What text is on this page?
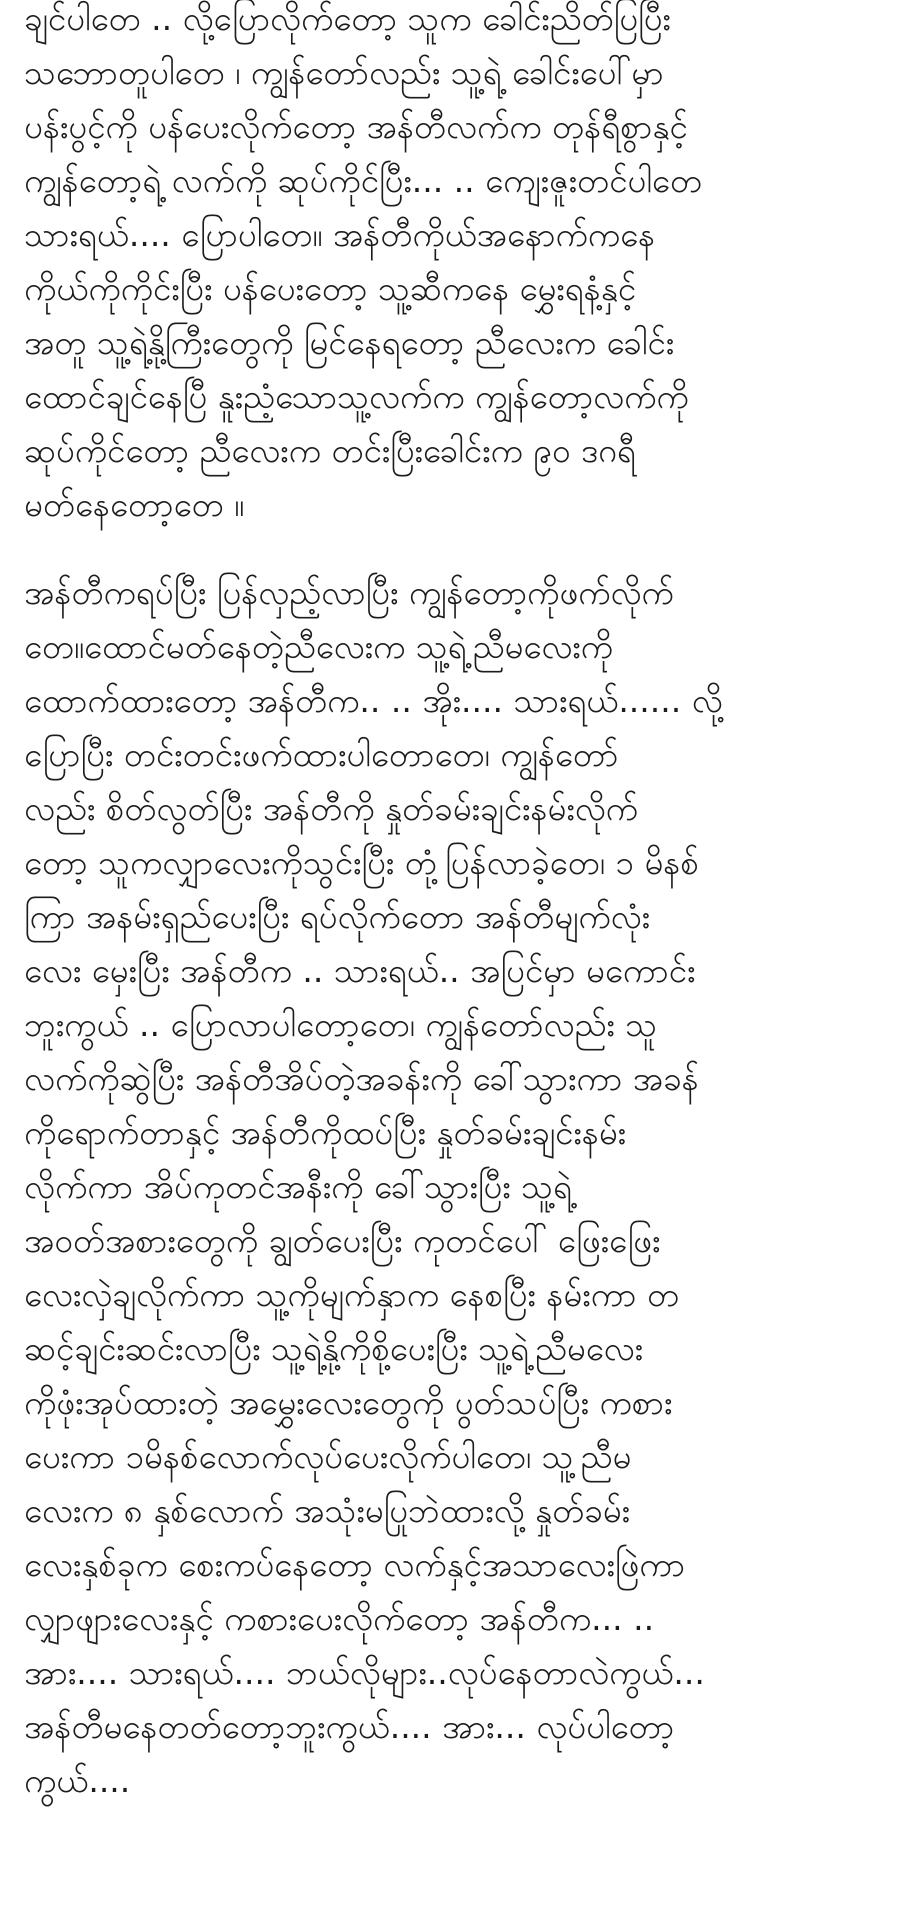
ချင်ပါတေ .. လို့ပြောလိုက်တော့ သူက ခေါင်းညိတ်ပြပြီး
သဘောတူပါတေ ၊ ကျွန်တော်လည်း သူ့ရဲ့ ခေါင်းပေါ်မှာ
ပန်းပွင့်ကို ပန်ပေးလိုက်တော့ အန်တီလက်က တုန်ရီစွာနှင့်
ကျွန်တော့ရဲ့ လက်ကို ဆုပ်ကိုင်ပြီး... .. ကျေးဇူးတင်ပါတေ
သားရယ်.... ပြောပါတေ။ အန်တီကိုယ်အနောက်ကနေ
ကိုယ်ကိုကိုင်းပြီး ပန်ပေးတော့ သူ့ဆီကနေ မွှေးရနံ့နှင့်
အတူ သူ့ရဲ့နို့ကြီးတွေကို မြင်နေရတော့ ညီလေးက ခေါင်း
ထောင်ချင်နေပြီ နူးညံ့သောသူ့လက်က ကျွန်တော့လက်ကို
ဆုပ်ကိုင်တော့ ညီလေးက တင်းပြီးခေါင်းက ၉၀ ဒဂရီ
မတ်နေတော့တေ ။

အန်တီကရပ်ပြီး ပြန်လှည့်လာပြီး ကျွန်တော့ကိုဖက်လိုက်
တေ။ထောင်မတ်နေတဲ့ညီလေးက သူ့ရဲ့ညီမလေးကို
ထောက်ထားတော့ အန်တီက.. .. အိုး.... သားရယ်...... လို့
ပြောပြီး တင်းတင်းဖက်ထားပါတောတေ၊ ကျွန်တော်
လည်း စိတ်လွတ်ပြီး အန်တီကို နှုတ်ခမ်းချင်းနမ်းလိုက်
တော့ သူကလျှာလေးကိုသွင်းပြီး တုံ့ပြန်လာခဲ့တေ၊ ၁ မိနစ်
ကြာ အနမ်းရှည်ပေးပြီး ရပ်လိုက်တော အန်တီမျက်လုံး
လေး မှေးပြီး အန်တီက .. သားရယ်.. အပြင်မှာ မကောင်း
ဘူးကွယ် .. ပြောလာပါတော့တေ၊ ကျွန်တော်လည်း သူ
လက်ကိုဆွဲပြီး အန်တီအိပ်တဲ့အခန်းကို ခေါ်သွားကာ အခန်
ကိုရောက်တာနှင့် အန်တီကိုထပ်ပြီး နှုတ်ခမ်းချင်းနမ်း
လိုက်ကာ အိပ်ကုတင်အနီးကို ခေါ်သွားပြီး သူ့ရဲ့
အဝတ်အစားတွေကို ချွတ်ပေးပြီး ကုတင်ပေါ် ဖြေးဖြေး
လေးလှဲချလိုက်ကာ သူ့ကိုမျက်နှာက နေစပြီး နမ်းကာ တ
ဆင့်ချင်းဆင်းလာပြီး သူ့ရဲ့နို့ကိုစို့ပေးပြီး သူ့ရဲ့ညီမလေး
ကိုဖုံးအုပ်ထားတဲ့ အမွှေးလေးတွေကို ပွတ်သပ်ပြီး ကစား
ပေးကာ ၁မိနစ်လောက်လုပ်ပေးလိုက်ပါတေ၊ သူ့ညီမ
လေးက ၈ နှစ်လောက် အသုံးမပြုဘဲထားလို့ နှုတ်ခမ်း
လေးနှစ်ခုက စေးကပ်နေတော့ လက်နှင့်အသာလေးဖြဲကာ
လျှာဖျားလေးနှင့် ကစားပေးလိုက်တော့ အန်တီက... ..
အား.... သားရယ်.... ဘယ်လိုများ..လုပ်နေတာလဲကွယ်...
အန်တီမနေတတ်တော့ဘူးကွယ်.... အား... လုပ်ပါတော့
ကွယ်....
